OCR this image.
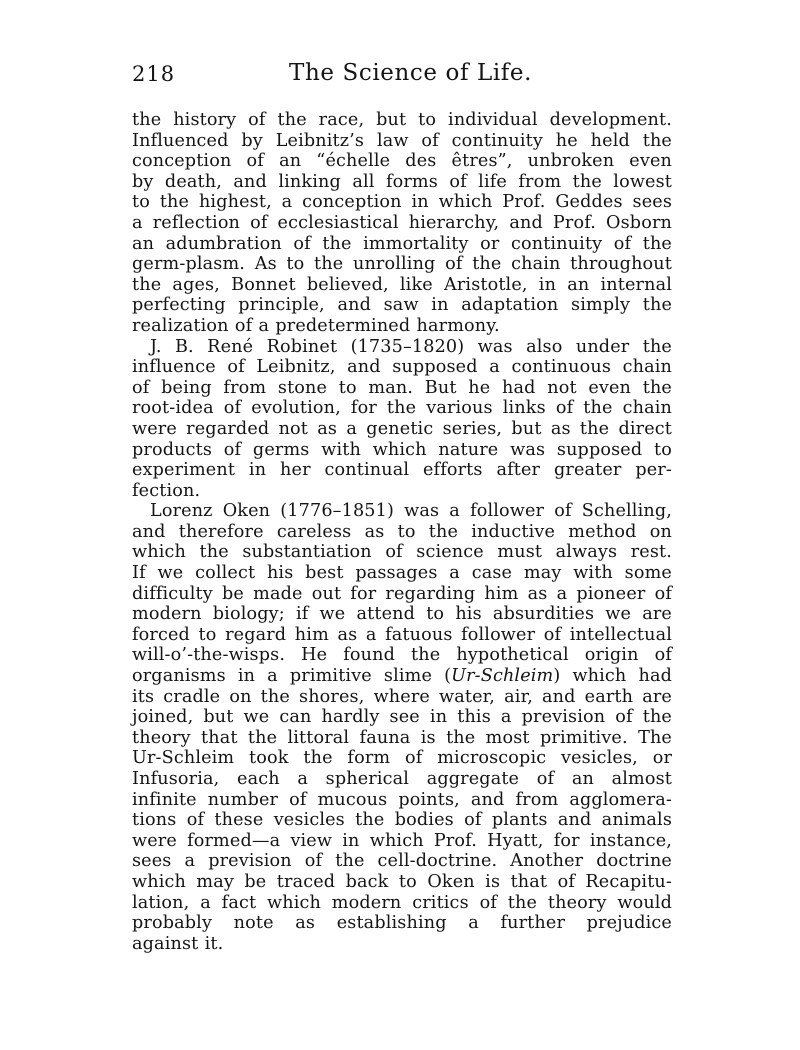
218	The Science of Life.
the history of the race, but to individual development.
Influenced by Leibnitz’s law of continuity he held the
conception of an “échelle des êtres”, unbroken even
by death, and linking all forms of life from the lowest
to the highest, a conception in which Prof. Geddes sees
a reflection of ecclesiastical hierarchy, and Prof. Osborn
an adumbration of the immortality or continuity of the
germ-plasm. As to the unrolling of the chain throughout
the ages, Bonnet believed, like Aristotle, in an internal
perfecting principle, and saw in adaptation simply the
realization of a predetermined harmony.
J. B. René Robinet (1735–1820) was also under the
influence of Leibnitz, and supposed a continuous chain
of being from stone to man. But he had not even the
root-idea of evolution, for the various links of the chain
were regarded not as a genetic series, but as the direct
products of germs with which nature was supposed to
experiment in her continual efforts after greater per-
fection.
Lorenz Oken (1776–1851) was a follower of Schelling,
and therefore careless as to the inductive method on
which the substantiation of science must always rest.
If we collect his best passages a case may with some
difficulty be made out for regarding him as a pioneer of
modern biology; if we attend to his absurdities we are
forced to regard him as a fatuous follower of intellectual
will-o’-the-wisps. He found the hypothetical origin of
organisms in a primitive slime (Ur-Schleim) which had
its cradle on the shores, where water, air, and earth are
joined, but we can hardly see in this a prevision of the
theory that the littoral fauna is the most primitive. The
Ur-Schleim took the form of microscopic vesicles, or
Infusoria, each a spherical aggregate of an almost
infinite number of mucous points, and from agglomera-
tions of these vesicles the bodies of plants and animals
were formed—a view in which Prof. Hyatt, for instance,
sees a prevision of the cell-doctrine. Another doctrine
which may be traced back to Oken is that of Recapitu-
lation, a fact which modern critics of the theory would
probably note as establishing a further prejudice
against it.
